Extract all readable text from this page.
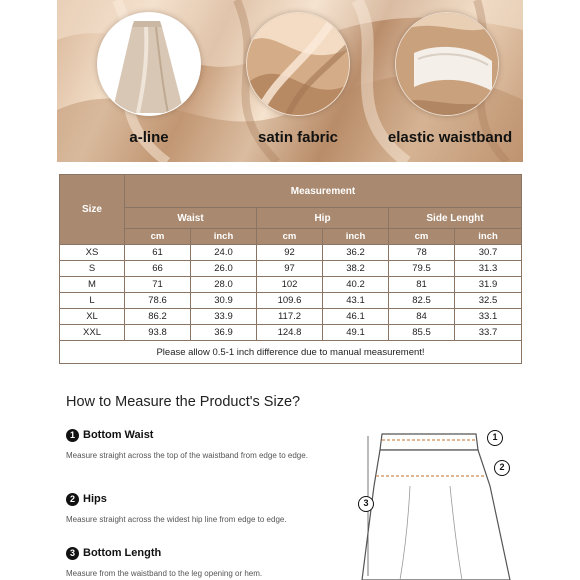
a-line	satin fabric	elastic waistband
Size	Measurement					
	Waist		Hip		Side Lenght	
	cm	inch	cm	inch	cm	inch
XS	61	24.0	92	36.2	78	30.7
S	66	26.0	97	38.2	79.5	31.3
M	71	28.0	102	40.2	81	31.9
L	78.6	30.9	109.6	43.1	82.5	32.5
XL	86.2	33.9	117.2	46.1	84	33.1
XXL	93.8	36.9	124.8	49.1	85.5	33.7
Please allow 0.5-1 inch difference due to manual measurement!						
How to Measure the Product's Size?
1 Bottom Waist
Measure straight across the top of the waistband from edge to edge.
2 Hips
Measure straight across the widest hip line from edge to edge.
3 Bottom Length
Measure from the waistband to the leg opening or hem.
1
2
3
